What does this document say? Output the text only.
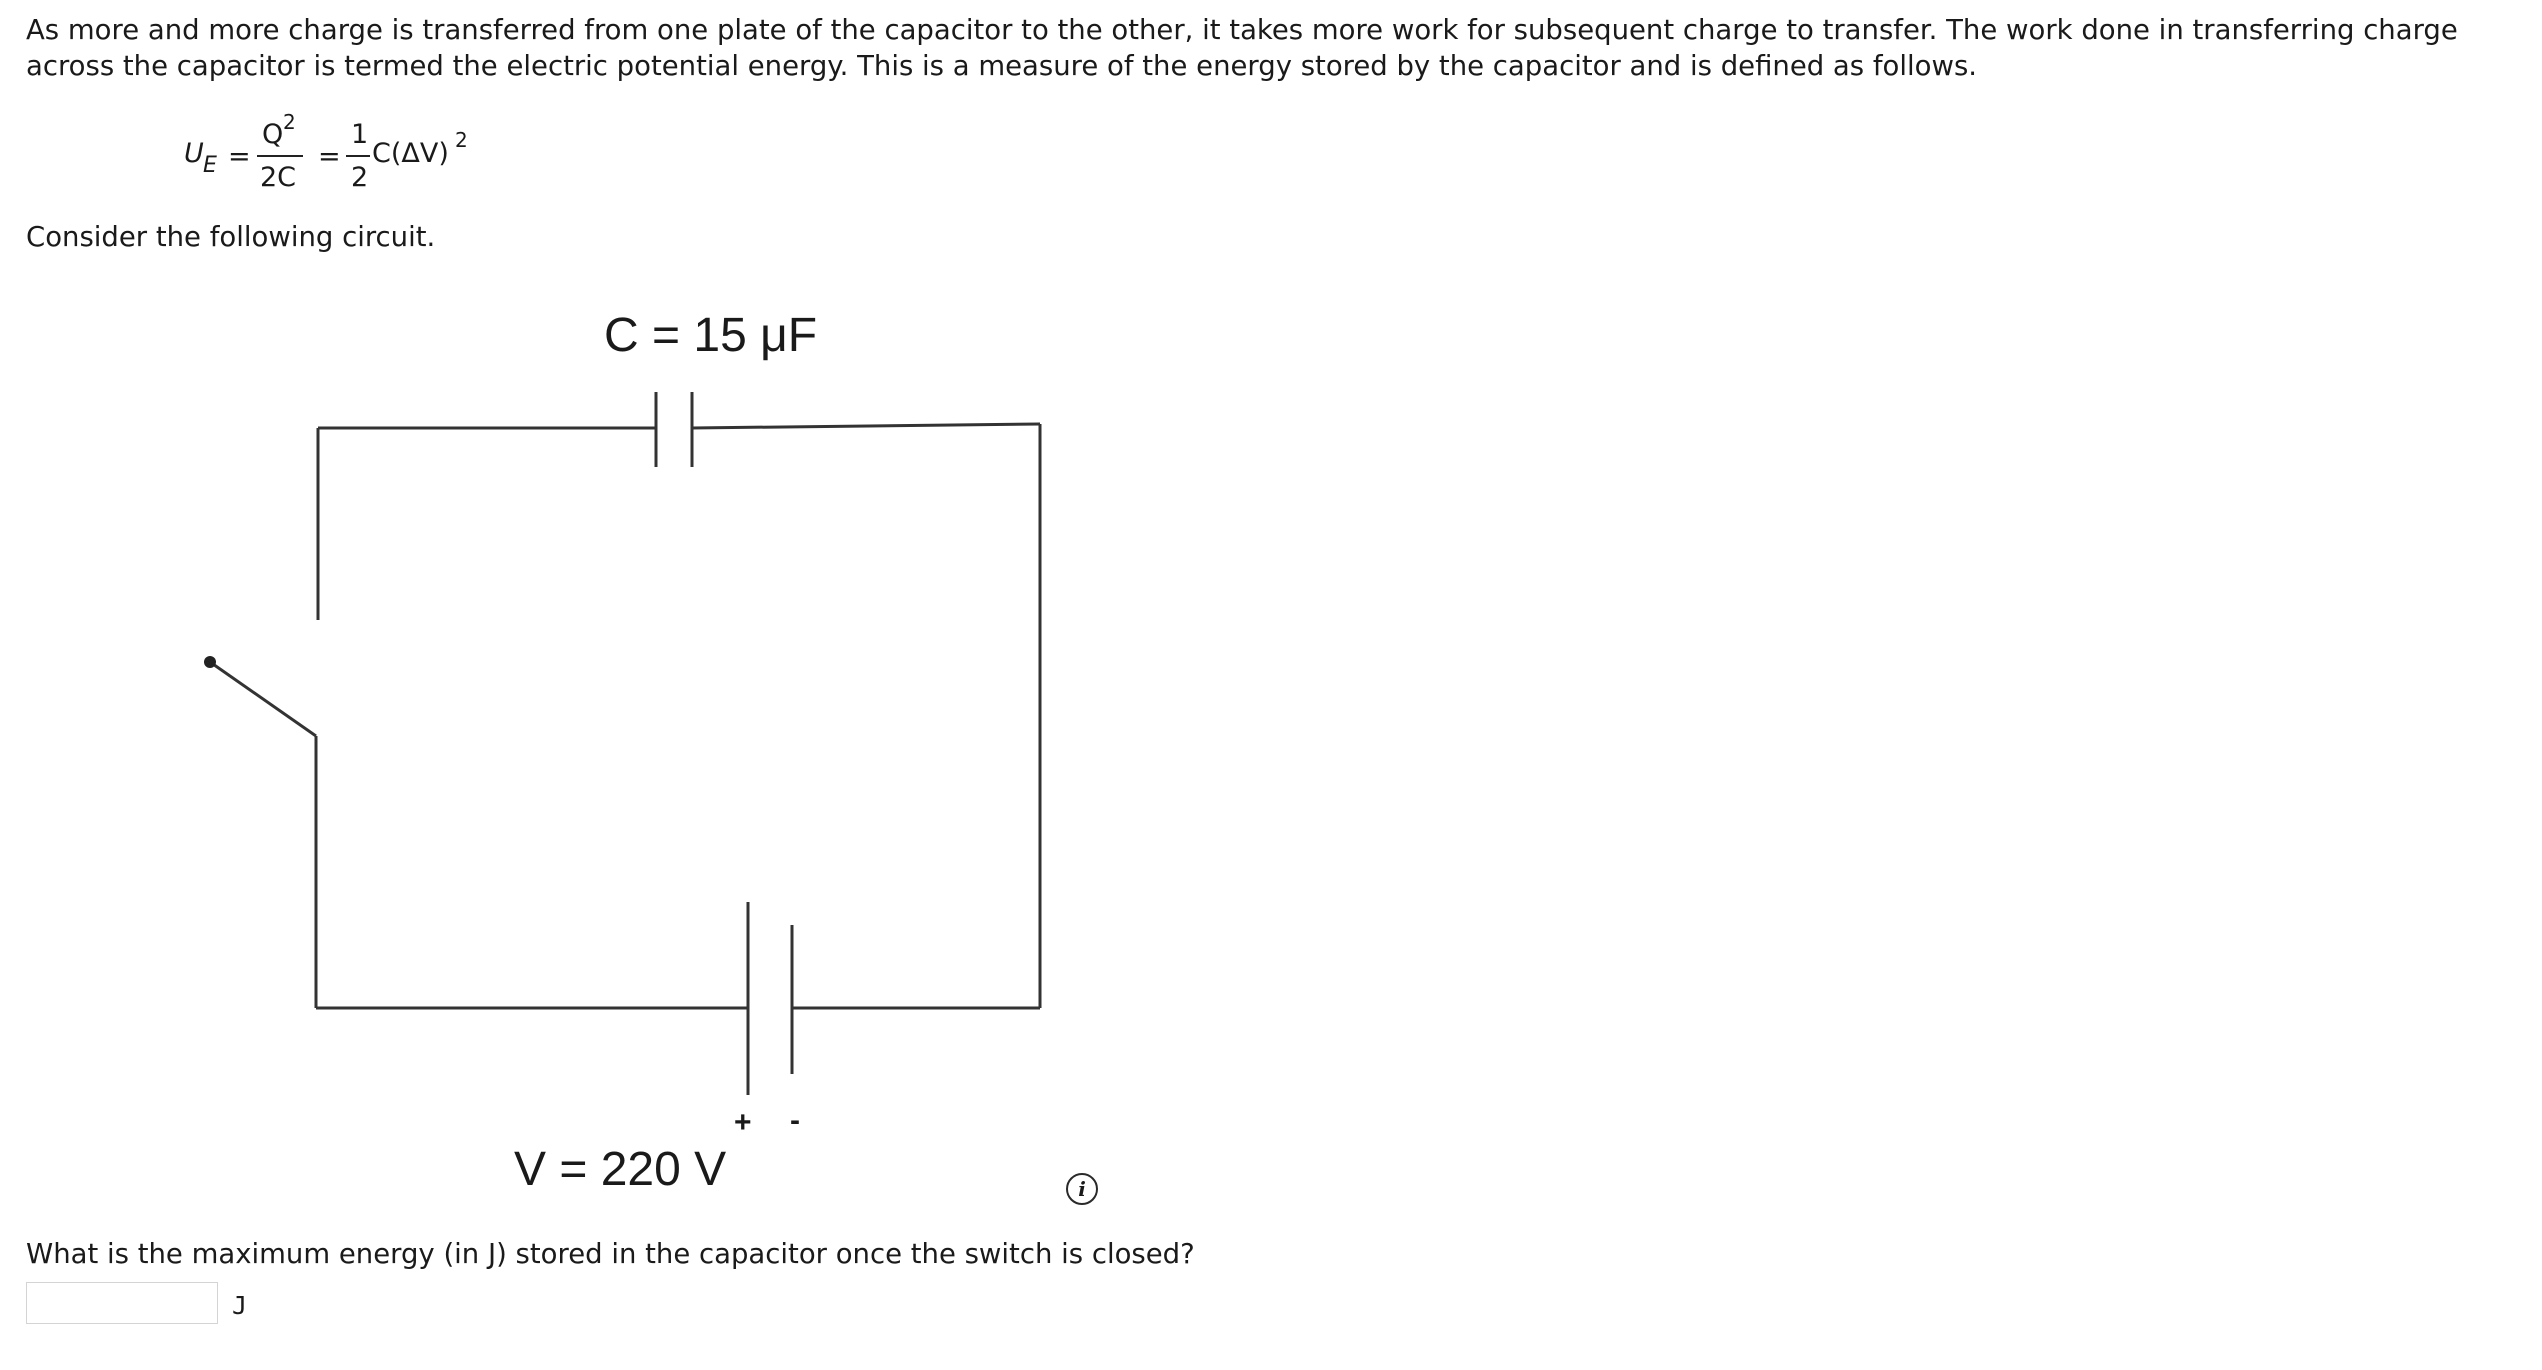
As more and more charge is transferred from one plate of the capacitor to the other, it takes more work for subsequent charge to transfer. The work done in transferring charge across the capacitor is termed the electric potential energy. This is a measure of the energy stored by the capacitor and is defined as follows.

U E =
Q 2
2C
=
1
2
C(ΔV) 2

Consider the following circuit.

C = 15 μF
V = 220 V
+ -
i

What is the maximum energy (in J) stored in the capacitor once the switch is closed?

J
